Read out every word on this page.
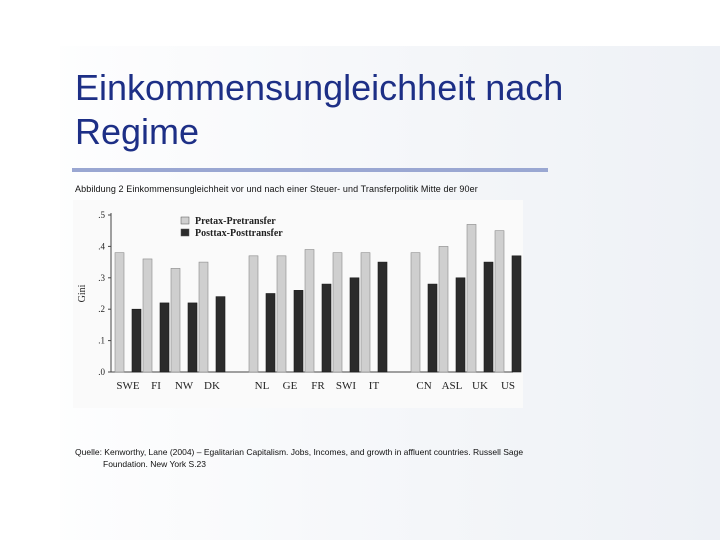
Einkommensungleichheit nach
Regime
Abbildung 2 Einkommensungleichheit vor und nach einer Steuer- und Transferpolitik Mitte der 90er
.0
.1
.2
.3
.4
.5
Gini
SWE FI NW DK	NL GE FR SWI IT	CN ASL UK US
Pretax-Pretransfer
Posttax-Posttransfer
Quelle: Kenworthy, Lane (2004) – Egalitarian Capitalism. Jobs, Incomes, and growth in affluent countries. Russell Sage
Foundation. New York S.23
